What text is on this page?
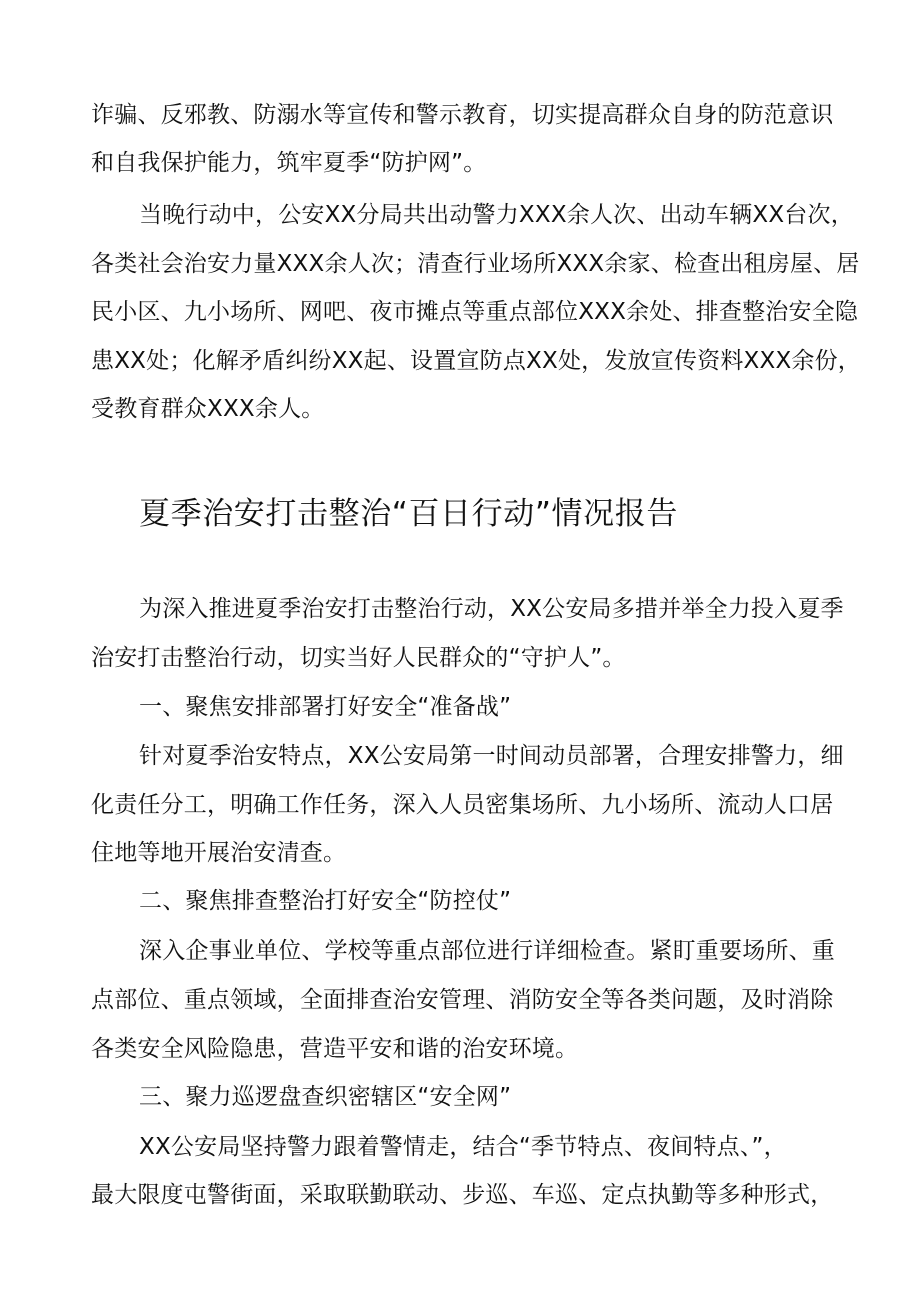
诈骗、反邪教、防溺水等宣传和警示教育，切实提高群众自身的防范意识
和自我保护能力，筑牢夏季“防护网”。
当晚行动中，公安XX分局共出动警力XXX余人次、出动车辆XX台次，
各类社会治安力量XXX余人次；清查行业场所XXX余家、检查出租房屋、居
民小区、九小场所、网吧、夜市摊点等重点部位XXX余处、排查整治安全隐
患XX处；化解矛盾纠纷XX起、设置宣防点XX处，发放宣传资料XXX余份，
受教育群众XXX余人。
夏季治安打击整治“百日行动”情况报告
为深入推进夏季治安打击整治行动，XX公安局多措并举全力投入夏季
治安打击整治行动，切实当好人民群众的“守护人”。
一、聚焦安排部署打好安全“准备战”
针对夏季治安特点，XX公安局第一时间动员部署，合理安排警力，细
化责任分工，明确工作任务，深入人员密集场所、九小场所、流动人口居
住地等地开展治安清查。
二、聚焦排查整治打好安全“防控仗”
深入企事业单位、学校等重点部位进行详细检查。紧盯重要场所、重
点部位、重点领域，全面排查治安管理、消防安全等各类问题，及时消除
各类安全风险隐患，营造平安和谐的治安环境。
三、聚力巡逻盘查织密辖区“安全网”
XX公安局坚持警力跟着警情走，结合“季节特点、夜间特点、”，
最大限度屯警街面，采取联勤联动、步巡、车巡、定点执勤等多种形式，
